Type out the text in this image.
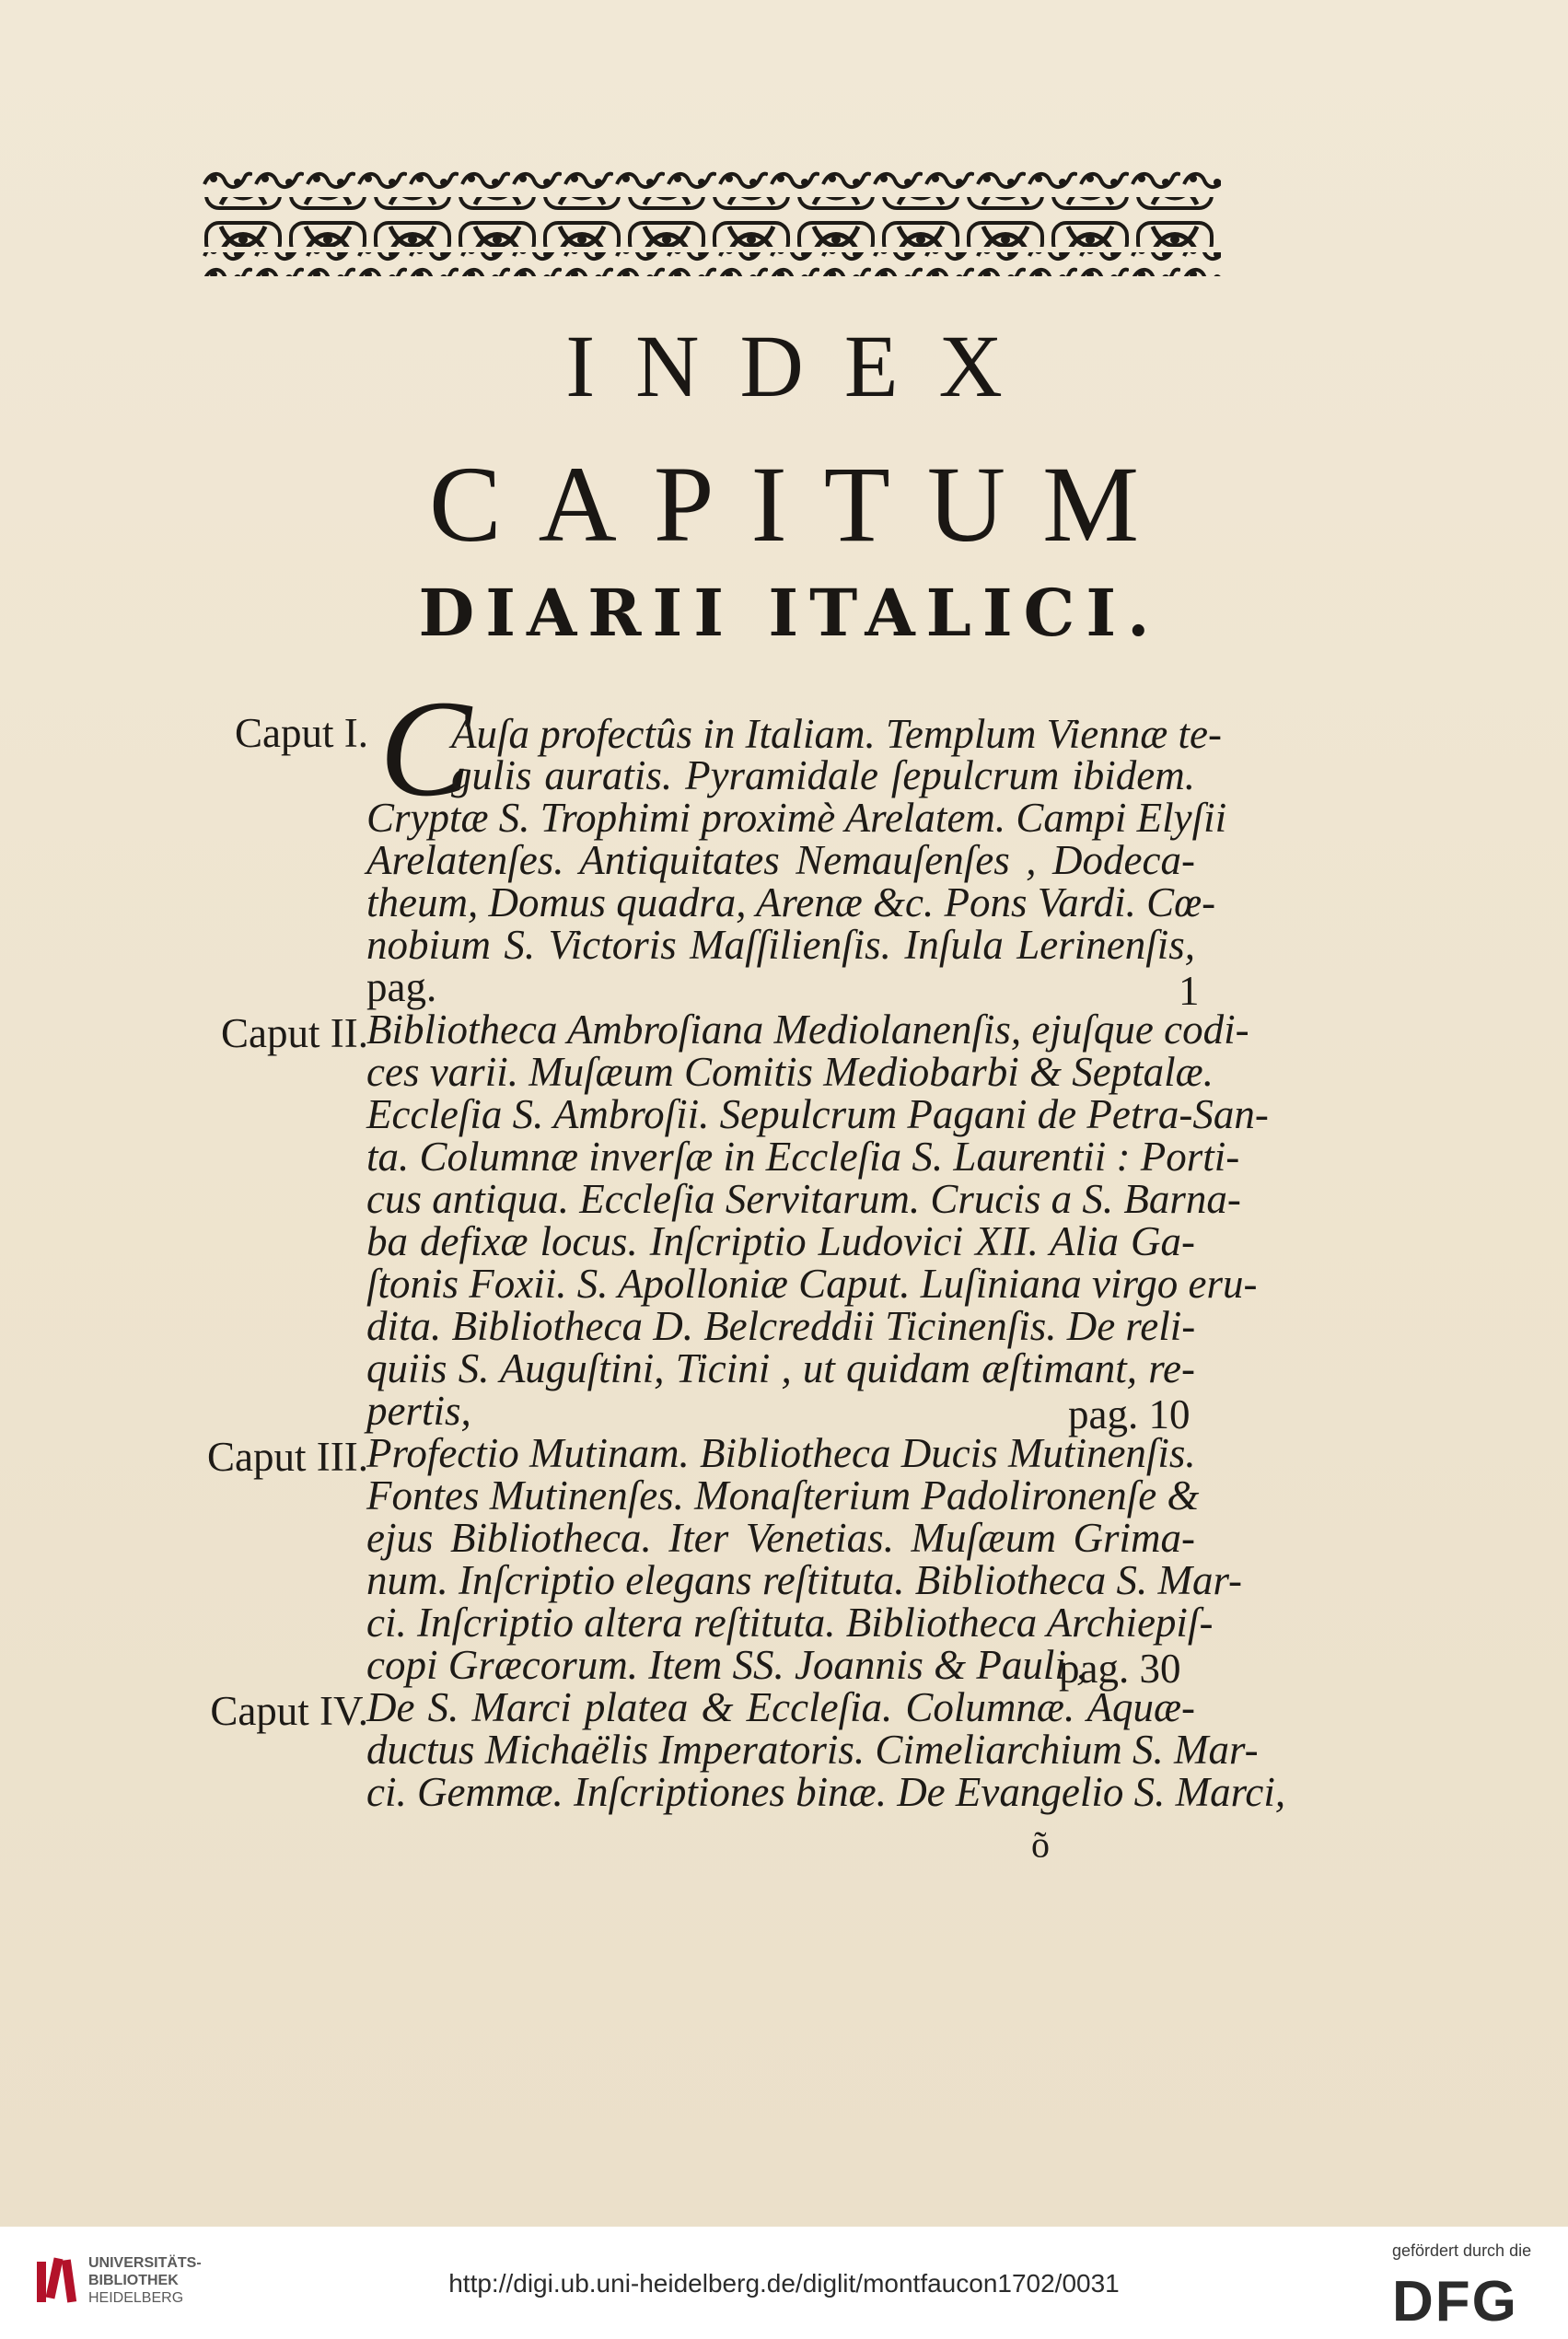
INDEX
CAPITUM
DIARII ITALICI.
Caput I. C
Auſa profectûs in Italiam. Templum Viennæ te-
gulis auratis. Pyramidale ſepulcrum ibidem.
Cryptæ S. Trophimi proximè Arelatem. Campi Elyſii
Arelatenſes. Antiquitates Nemauſenſes , Dodeca-
theum, Domus quadra, Arenæ &c. Pons Vardi. Cœ-
nobium S. Victoris Maſſilienſis. Inſula Lerinenſis,
pag.	1
Caput II.
Bibliotheca Ambroſiana Mediolanenſis, ejuſque codi-
ces varii. Muſæum Comitis Mediobarbi & Septalæ.
Eccleſia S. Ambroſii. Sepulcrum Pagani de Petra-San-
ta. Columnæ inverſæ in Eccleſia S. Laurentii : Porti-
cus antiqua. Eccleſia Servitarum. Crucis a S. Barna-
ba defixæ locus. Inſcriptio Ludovici XII. Alia Ga-
ſtonis Foxii. S. Apolloniæ Caput. Luſiniana virgo eru-
dita. Bibliotheca D. Belcreddii Ticinenſis. De reli-
quiis S. Auguſtini, Ticini , ut quidam æſtimant, re-
pertis,	pag. 10
Caput III.
Profectio Mutinam. Bibliotheca Ducis Mutinenſis.
Fontes Mutinenſes. Monaſterium Padolironenſe &
ejus Bibliotheca. Iter Venetias. Muſæum Grima-
num. Inſcriptio elegans reſtituta. Bibliotheca S. Mar-
ci. Inſcriptio altera reſtituta. Bibliotheca Archiepiſ-
copi Græcorum. Item SS. Joannis & Pauli ,
pag. 30
Caput IV.
De S. Marci platea & Eccleſia. Columnæ. Aquæ-
ductus Michaëlis Imperatoris. Cimeliarchium S. Mar-
ci. Gemmæ. Inſcriptiones binæ. De Evangelio S. Marci,
õ
UNIVERSITÄTS-
BIBLIOTHEK
HEIDELBERG
http://digi.ub.uni-heidelberg.de/diglit/montfaucon1702/0031
gefördert durch die
DFG
